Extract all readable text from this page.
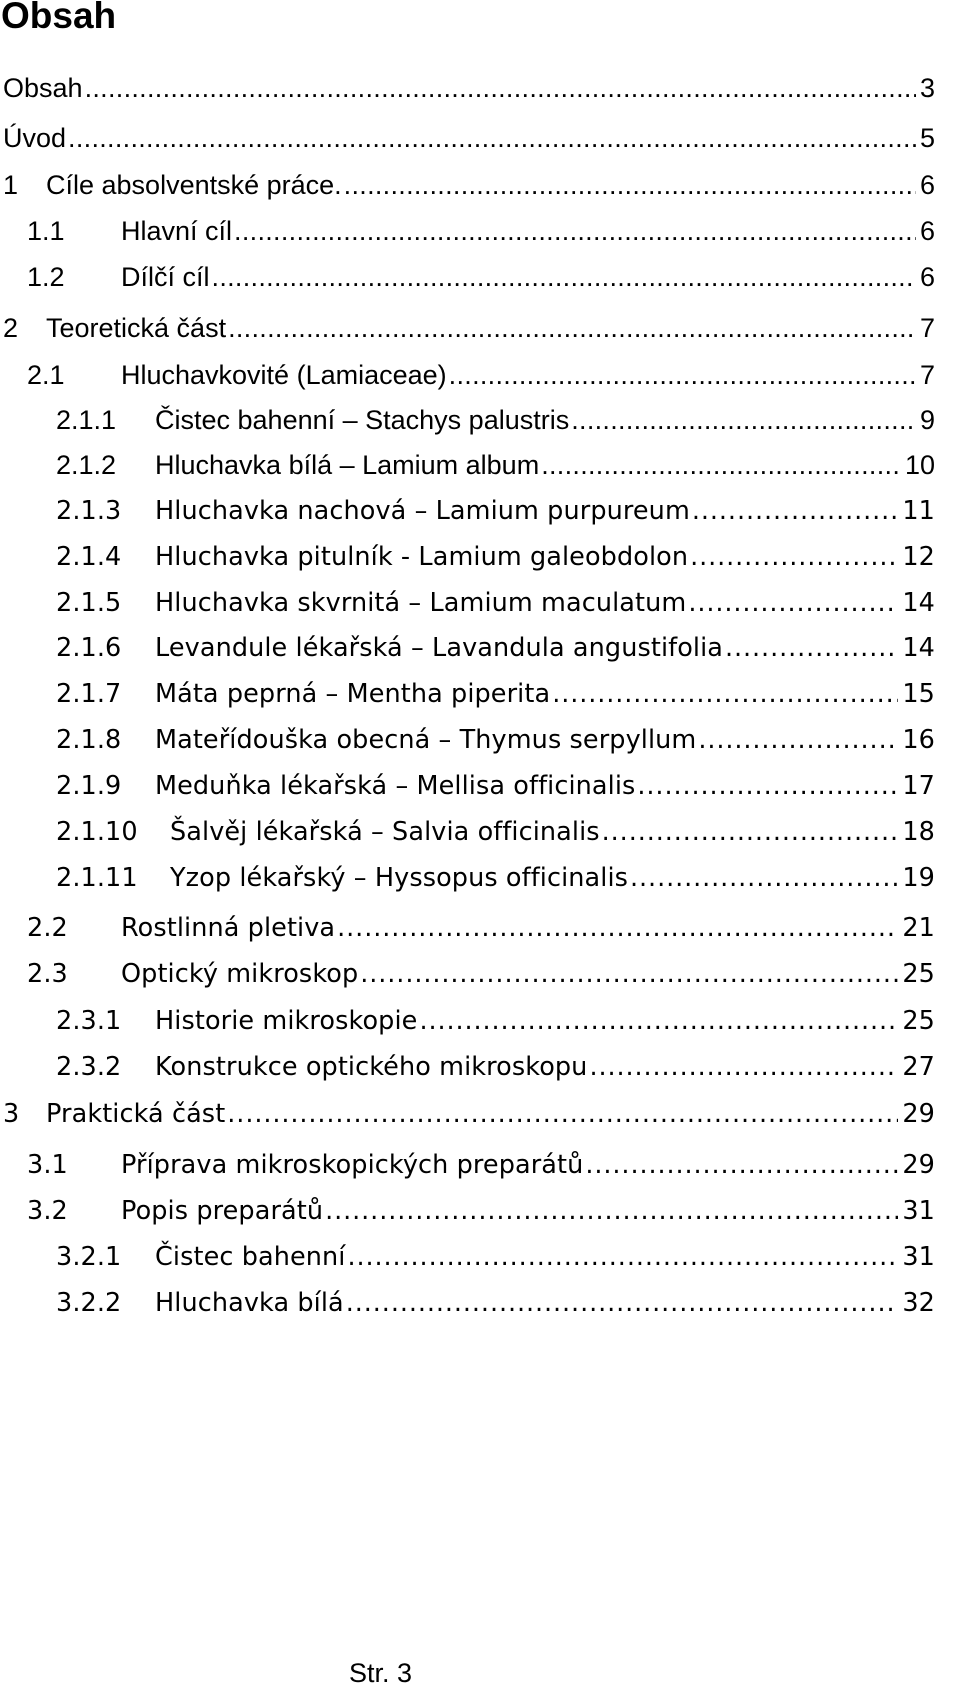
Obsah
Obsah . . .	3
Úvod . . .	5
1 Cíle absolventské práce. . . .	6
1.1 Hlavní cíl . . .	6
1.2 Dílčí cíl . . .	6
2 Teoretická část . . .	7
2.1 Hluchavkovité (Lamiaceae) . . .	7
2.1.1 Čistec bahenní – Stachys palustris . . .	9
2.1.2 Hluchavka bílá – Lamium album . . .	10
2.1.3 Hluchavka nachová – Lamium purpureum . . .	11
2.1.4 Hluchavka pitulník - Lamium galeobdolon . . .	12
2.1.5 Hluchavka skvrnitá – Lamium maculatum . . .	14
2.1.6 Levandule lékařská – Lavandula angustifolia . . .	14
2.1.7 Máta peprná – Mentha piperita . . .	15
2.1.8 Mateřídouška obecná – Thymus serpyllum . . .	16
2.1.9 Meduňka lékařská – Mellisa officinalis . . .	17
2.1.10 Šalvěj lékařská – Salvia officinalis . . .	18
2.1.11 Yzop lékařský – Hyssopus officinalis . . .	19
2.2 Rostlinná pletiva . . .	21
2.3 Optický mikroskop . . .	25
2.3.1 Historie mikroskopie . . .	25
2.3.2 Konstrukce optického mikroskopu . . .	27
3 Praktická část . . .	29
3.1 Příprava mikroskopických preparátů . . .	29
3.2 Popis preparátů . . .	31
3.2.1 Čistec bahenní . . .	31
3.2.2 Hluchavka bílá . . .	32
Str. 3
